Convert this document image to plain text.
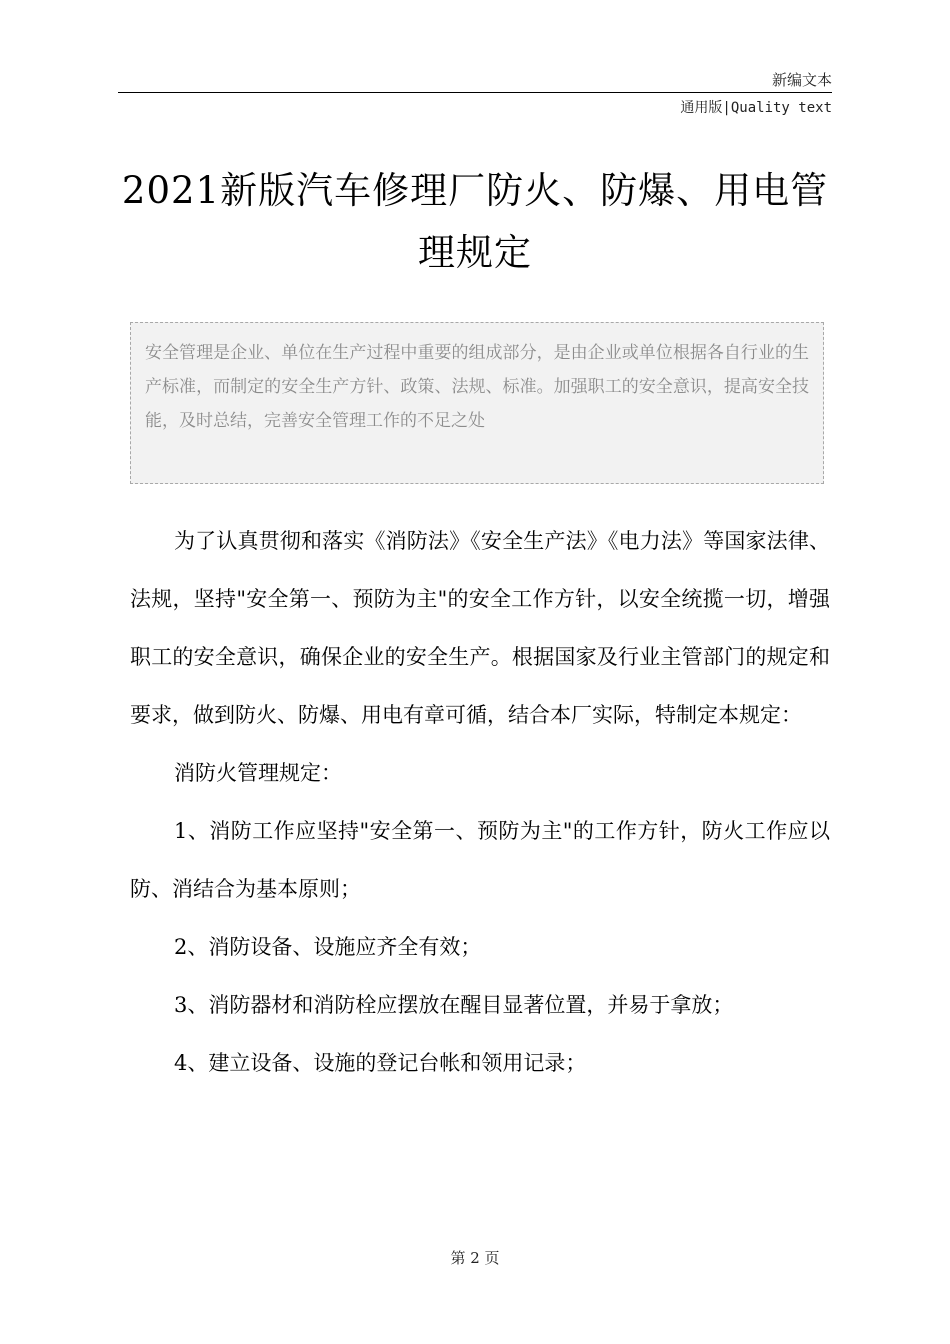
新编文本
通用版|Quality text
2021新版汽车修理厂防火、防爆、用电管理规定
安全管理是企业、单位在生产过程中重要的组成部分，是由企业或单位根据各自行业的生产标准，而制定的安全生产方针、政策、法规、标准。加强职工的安全意识，提高安全技能，及时总结，完善安全管理工作的不足之处

为了认真贯彻和落实《消防法》《安全生产法》《电力法》等国家法律、法规，坚持"安全第一、预防为主"的安全工作方针，以安全统揽一切，增强职工的安全意识，确保企业的安全生产。根据国家及行业主管部门的规定和要求，做到防火、防爆、用电有章可循，结合本厂实际，特制定本规定：

消防火管理规定：

1、消防工作应坚持"安全第一、预防为主"的工作方针，防火工作应以防、消结合为基本原则；

2、消防设备、设施应齐全有效；

3、消防器材和消防栓应摆放在醒目显著位置，并易于拿放；

4、建立设备、设施的登记台帐和领用记录；

第 2 页
